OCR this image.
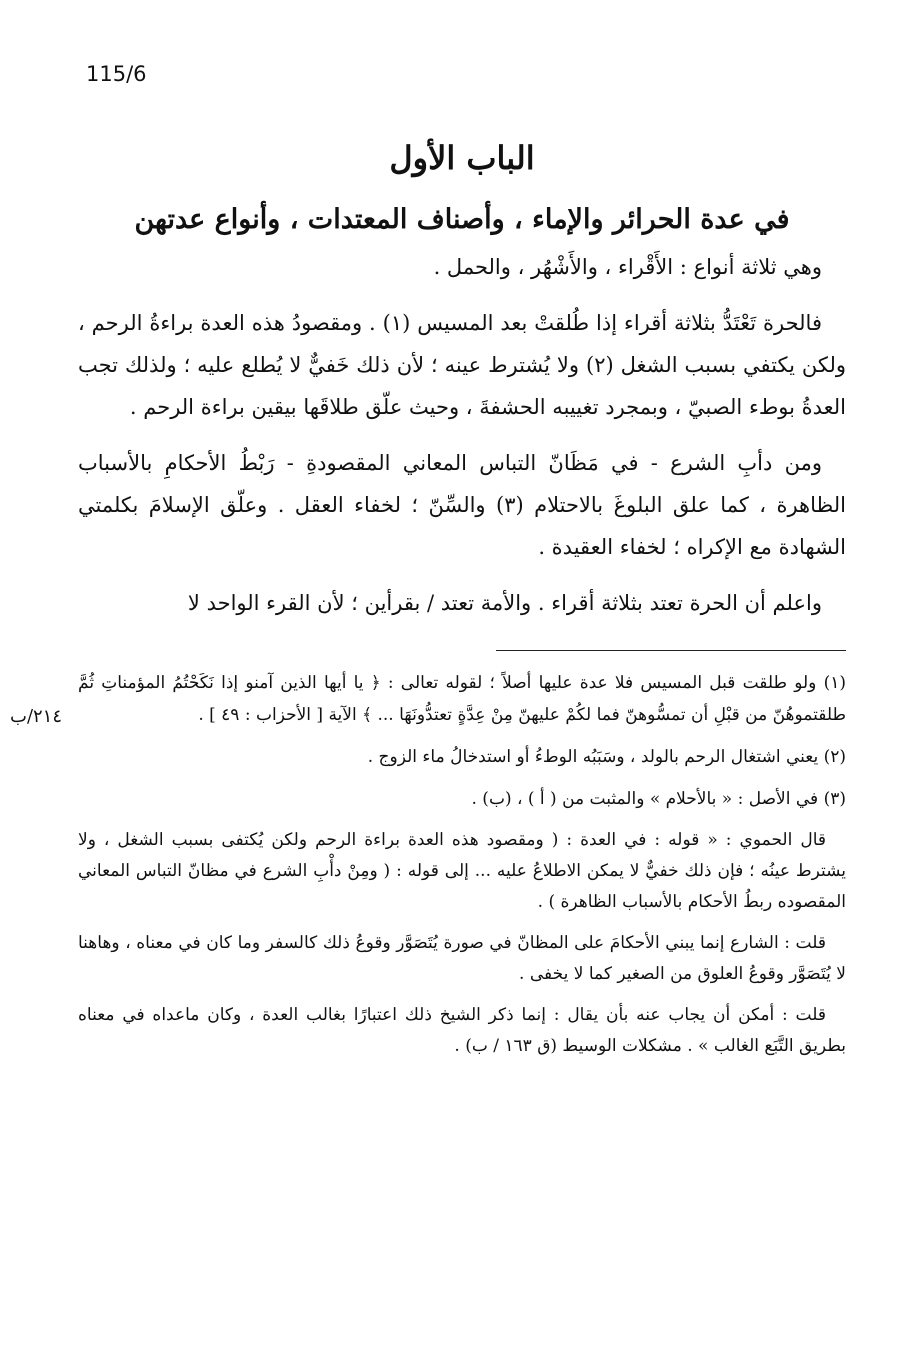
115/6
٢١٤/ب
الباب الأول
في عدة الحرائر والإماء ، وأصناف المعتدات ، وأنواع عدتهن

وهي ثلاثة أنواع : الأَقْراء ، والأَشْهُر ، والحمل .

فالحرة تَعْتَدُّ بثلاثة أقراء إذا طُلقتْ بعد المسيس (١) . ومقصودُ هذه العدة براءةُ الرحم ، ولكن يكتفي بسبب الشغل (٢) ولا يُشترط عينه ؛ لأن ذلك خَفيٌّ لا يُطلع عليه ؛ ولذلك تجب العدةُ بوطء الصبيّ ، وبمجرد تغييبه الحشفةَ ، وحيث علّق طلاقَها بيقين براءة الرحم .

ومن دأبِ الشرع - في مَظَانّ التباس المعاني المقصودةِ - رَبْطُ الأحكامِ بالأسباب الظاهرة ، كما علق البلوغَ بالاحتلام (٣) والسِّنّ ؛ لخفاء العقل . وعلّق الإسلامَ بكلمتي الشهادة مع الإكراه ؛ لخفاء العقيدة .

واعلم أن الحرة تعتد بثلاثة أقراء . والأمة تعتد / بقرأين ؛ لأن القرء الواحد لا

(١) ولو طلقت قبل المسيس فلا عدة عليها أصلاً ؛ لقوله تعالى : ﴿ يا أيها الذين آمنو إذا نَكَحْتُمُ المؤمناتِ ثُمَّ طلقتموهُنّ من قبْلِ أن تمسُّوهنّ فما لكُمْ عليهنّ مِنْ عِدَّةٍ تعتدُّونَهَا ... ﴾ الآية [ الأحزاب : ٤٩ ] .

(٢) يعني اشتغال الرحم بالولد ، وسَبَبُه الوطءُ أو استدخالُ ماء الزوج .

(٣) في الأصل : « بالأحلام » والمثبت من ( أ ) ، (ب) .

قال الحموي : « قوله : في العدة : ( ومقصود هذه العدة براءة الرحم ولكن يُكتفى بسبب الشغل ، ولا يشترط عينُه ؛ فإن ذلك خفيٌّ لا يمكن الاطلاعُ عليه ... إلى قوله : ( ومِنْ دأْبِ الشرع في مظانّ التباس المعاني المقصوده ربطُ الأحكام بالأسباب الظاهرة ) .

قلت : الشارع إنما يبني الأحكامَ على المظانّ في صورة يُتَصَوَّر وقوعُ ذلك كالسفر وما كان في معناه ، وهاهنا لا يُتَصَوَّر وقوعُ العلوق من الصغير كما لا يخفى .

قلت : أمكن أن يجاب عنه بأن يقال : إنما ذكر الشيخ ذلك اعتبارًا بغالب العدة ، وكان ماعداه في معناه بطريق التَّبَع الغالب » . مشكلات الوسيط (ق ١٦٣ / ب) .
